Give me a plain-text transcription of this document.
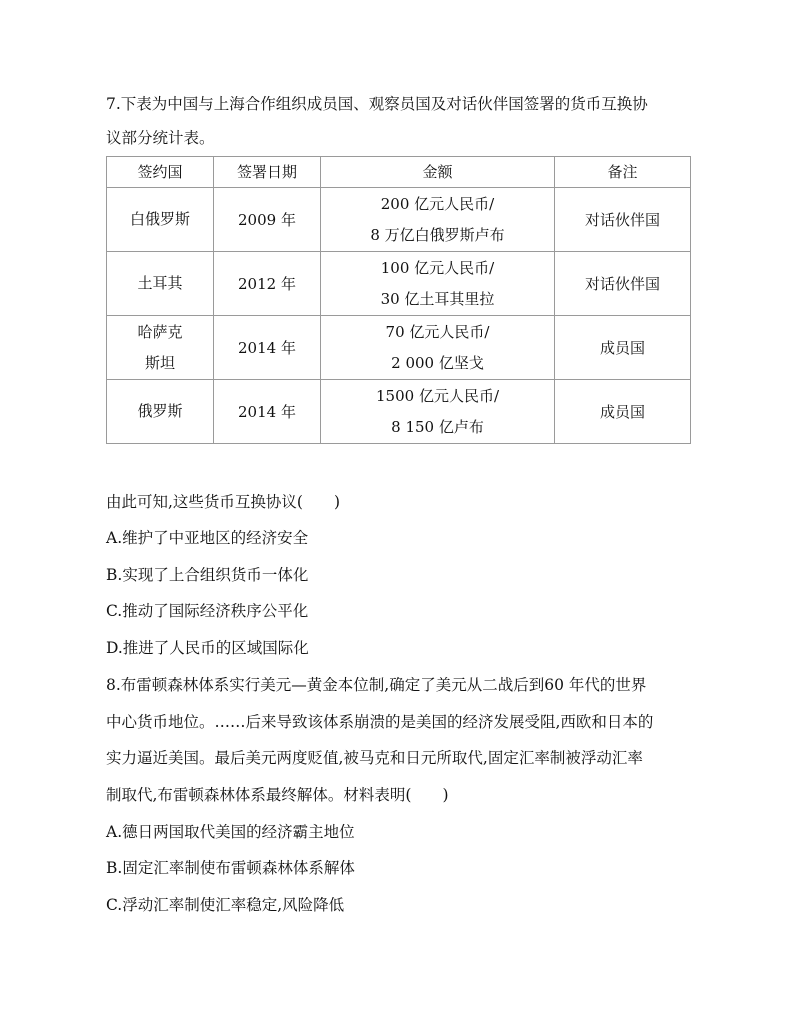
7.下表为中国与上海合作组织成员国、观察员国及对话伙伴国签署的货币互换协

议部分统计表。

签约国	签署日期	金额	备注

白俄罗斯	2009 年	200 亿元人民币/
8 万亿白俄罗斯卢布	对话伙伴国

土耳其	2012 年	100 亿元人民币/
30 亿土耳其里拉	对话伙伴国

哈萨克
斯坦	2014 年	70 亿元人民币/
2 000 亿坚戈	成员国

俄罗斯	2014 年	1500 亿元人民币/
8 150 亿卢布	成员国

由此可知,这些货币互换协议(　　)

A.维护了中亚地区的经济安全

B.实现了上合组织货币一体化

C.推动了国际经济秩序公平化

D.推进了人民币的区域国际化

8.布雷顿森林体系实行美元—黄金本位制,确定了美元从二战后到60 年代的世界

中心货币地位。……后来导致该体系崩溃的是美国的经济发展受阻,西欧和日本的

实力逼近美国。最后美元两度贬值,被马克和日元所取代,固定汇率制被浮动汇率

制取代,布雷顿森林体系最终解体。材料表明(　　)

A.德日两国取代美国的经济霸主地位

B.固定汇率制使布雷顿森林体系解体

C.浮动汇率制使汇率稳定,风险降低
